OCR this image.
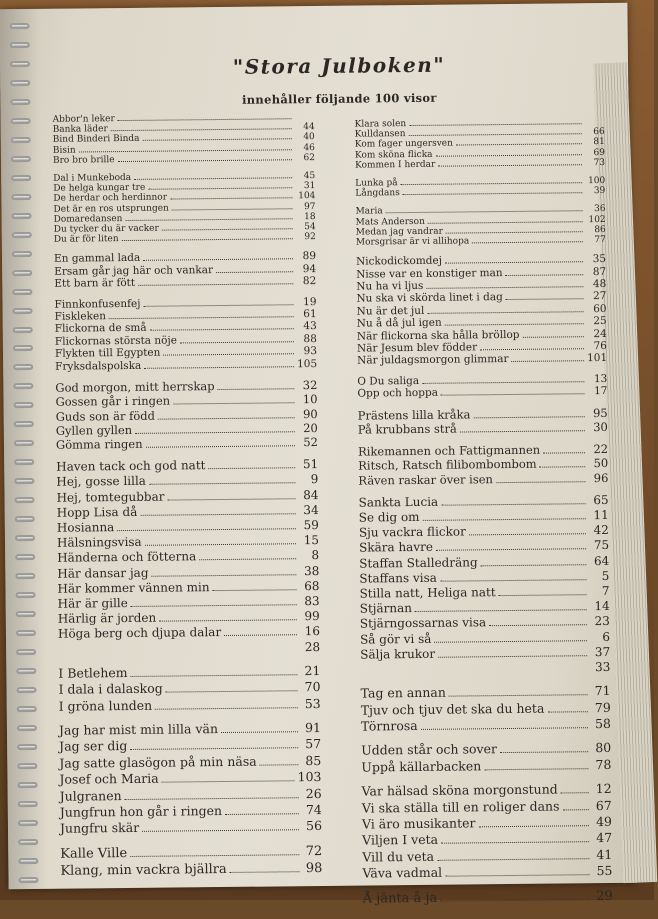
"Stora Julboken"
innehåller följande 100 visor
Abbor'n leker
Banka läder	44
Bind Binderi Binda	40
Bisin	46
Bro bro brille	62
Dal i Munkeboda	45
De helga kungar tre	31
De herdar och herdinnor	104
Det är en ros utsprungen	97
Domaredansen	18
Du tycker du är vacker	54
Du är för liten	92
En gammal lada	89
Ersam går jag här och vankar	94
Ett barn är fött	82
Finnkonfusenfej	19
Fiskleken	61
Flickorna de små	43
Flickornas största nöje	88
Flykten till Egypten	93
Fryksdalspolska	105
God morgon, mitt herrskap	32
Gossen går i ringen	10
Guds son är född	90
Gyllen gyllen	20
Gömma ringen	52
Haven tack och god natt	51
Hej, gosse lilla	9
Hej, tomtegubbar	84
Hopp Lisa då	34
Hosianna	59
Hälsningsvisa	15
Händerna och fötterna	8
Här dansar jag	38
Här kommer vännen min	68
Här är gille	83
Härlig är jorden	99
Höga berg och djupa dalar	16
28
I Betlehem	21
I dala i dalaskog	70
I gröna lunden	53
Jag har mist min lilla vän	91
Jag ser dig	57
Jag satte glasögon på min näsa	85
Josef och Maria	103
Julgranen	26
Jungfrun hon går i ringen	74
Jungfru skär	56
Kalle Ville	72
Klang, min vackra bjällra	98
Klara solen
Kulldansen	66
Kom fager ungersven	81
Kom sköna flicka	69
Kommen I herdar	73
Lunka på	100
Långdans	39
Maria	36
Mats Anderson	102
Medan jag vandrar	86
Morsgrisar är vi allihopa	77
Nickodickomdej	35
Nisse var en konstiger man	87
Nu ha vi ljus	48
Nu ska vi skörda linet i dag	27
Nu är det jul	60
Nu å då jul igen	25
När flickorna ska hålla bröllop	24
När Jesum blev födder	76
När juldagsmorgon glimmar	101
O Du saliga	13
Opp och hoppa	17
Prästens lilla kråka	95
På krubbans strå	30
Rikemannen och Fattigmannen	22
Ritsch, Ratsch filibombombom	50
Räven raskar över isen	96
Sankta Lucia	65
Se dig om	11
Sju vackra flickor	42
Skära havre	75
Staffan Stalledräng	64
Staffans visa	5
Stilla natt, Heliga natt	7
Stjärnan	14
Stjärngossarnas visa	23
Så gör vi så	6
Sälja krukor	37
33
Tag en annan	71
Tjuv och tjuv det ska du heta	79
Törnrosa	58
Udden står och sover	80
Uppå källarbacken	78
Var hälsad sköna morgonstund	12
Vi ska ställa till en roliger dans	67
Vi äro musikanter	49
Viljen I veta	47
Vill du veta	41
Väva vadmal	55
Å jänta å ja	29
